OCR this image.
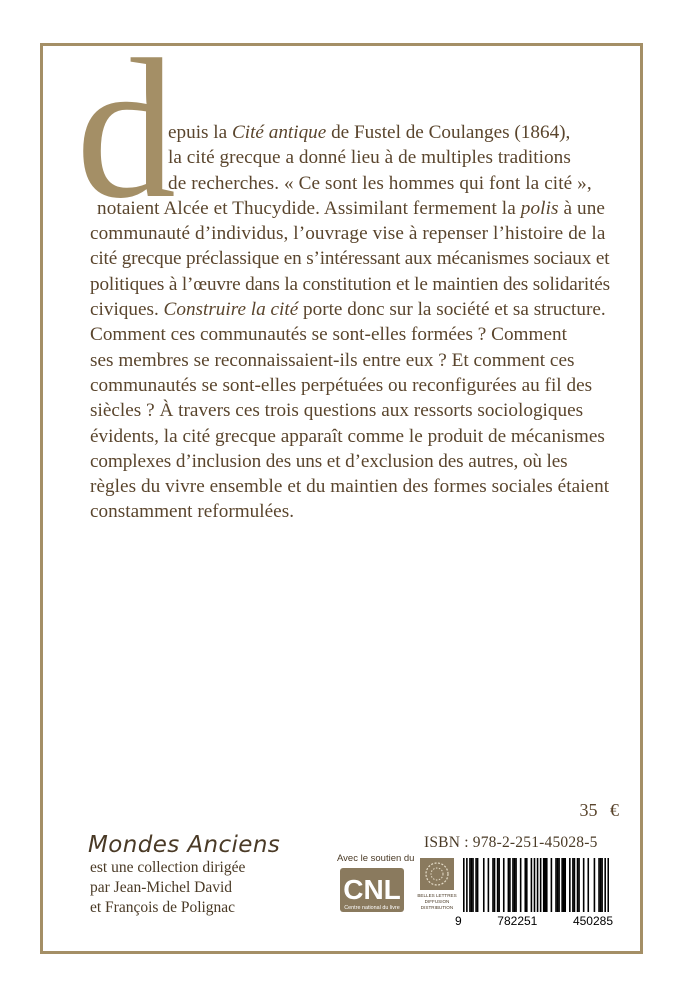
d
epuis la Cité antique de Fustel de Coulanges (1864),
la cité grecque a donné lieu à de multiples traditions
de recherches. « Ce sont les hommes qui font la cité »,
notaient Alcée et Thucydide. Assimilant fermement la polis à une
communauté d’individus, l’ouvrage vise à repenser l’histoire de la
cité grecque préclassique en s’intéressant aux mécanismes sociaux et
politiques à l’œuvre dans la constitution et le maintien des solidarités
civiques. Construire la cité porte donc sur la société et sa structure.
Comment ces communautés se sont-elles formées ? Comment
ses membres se reconnaissaient-ils entre eux ? Et comment ces
communautés se sont-elles perpétuées ou reconfigurées au fil des
siècles ? À travers ces trois questions aux ressorts sociologiques
évidents, la cité grecque apparaît comme le produit de mécanismes
complexes d’inclusion des uns et d’exclusion des autres, où les
règles du vivre ensemble et du maintien des formes sociales étaient
constamment reformulées.
35 €
Mondes Anciens
est une collection dirigée
par Jean-Michel David
et François de Polignac
Avec le soutien du
CNL
Centre national du livre
BELLES LETTRES
DIFFUSION
DISTRIBUTION
ISBN : 978-2-251-45028-5
9	782251	450285
